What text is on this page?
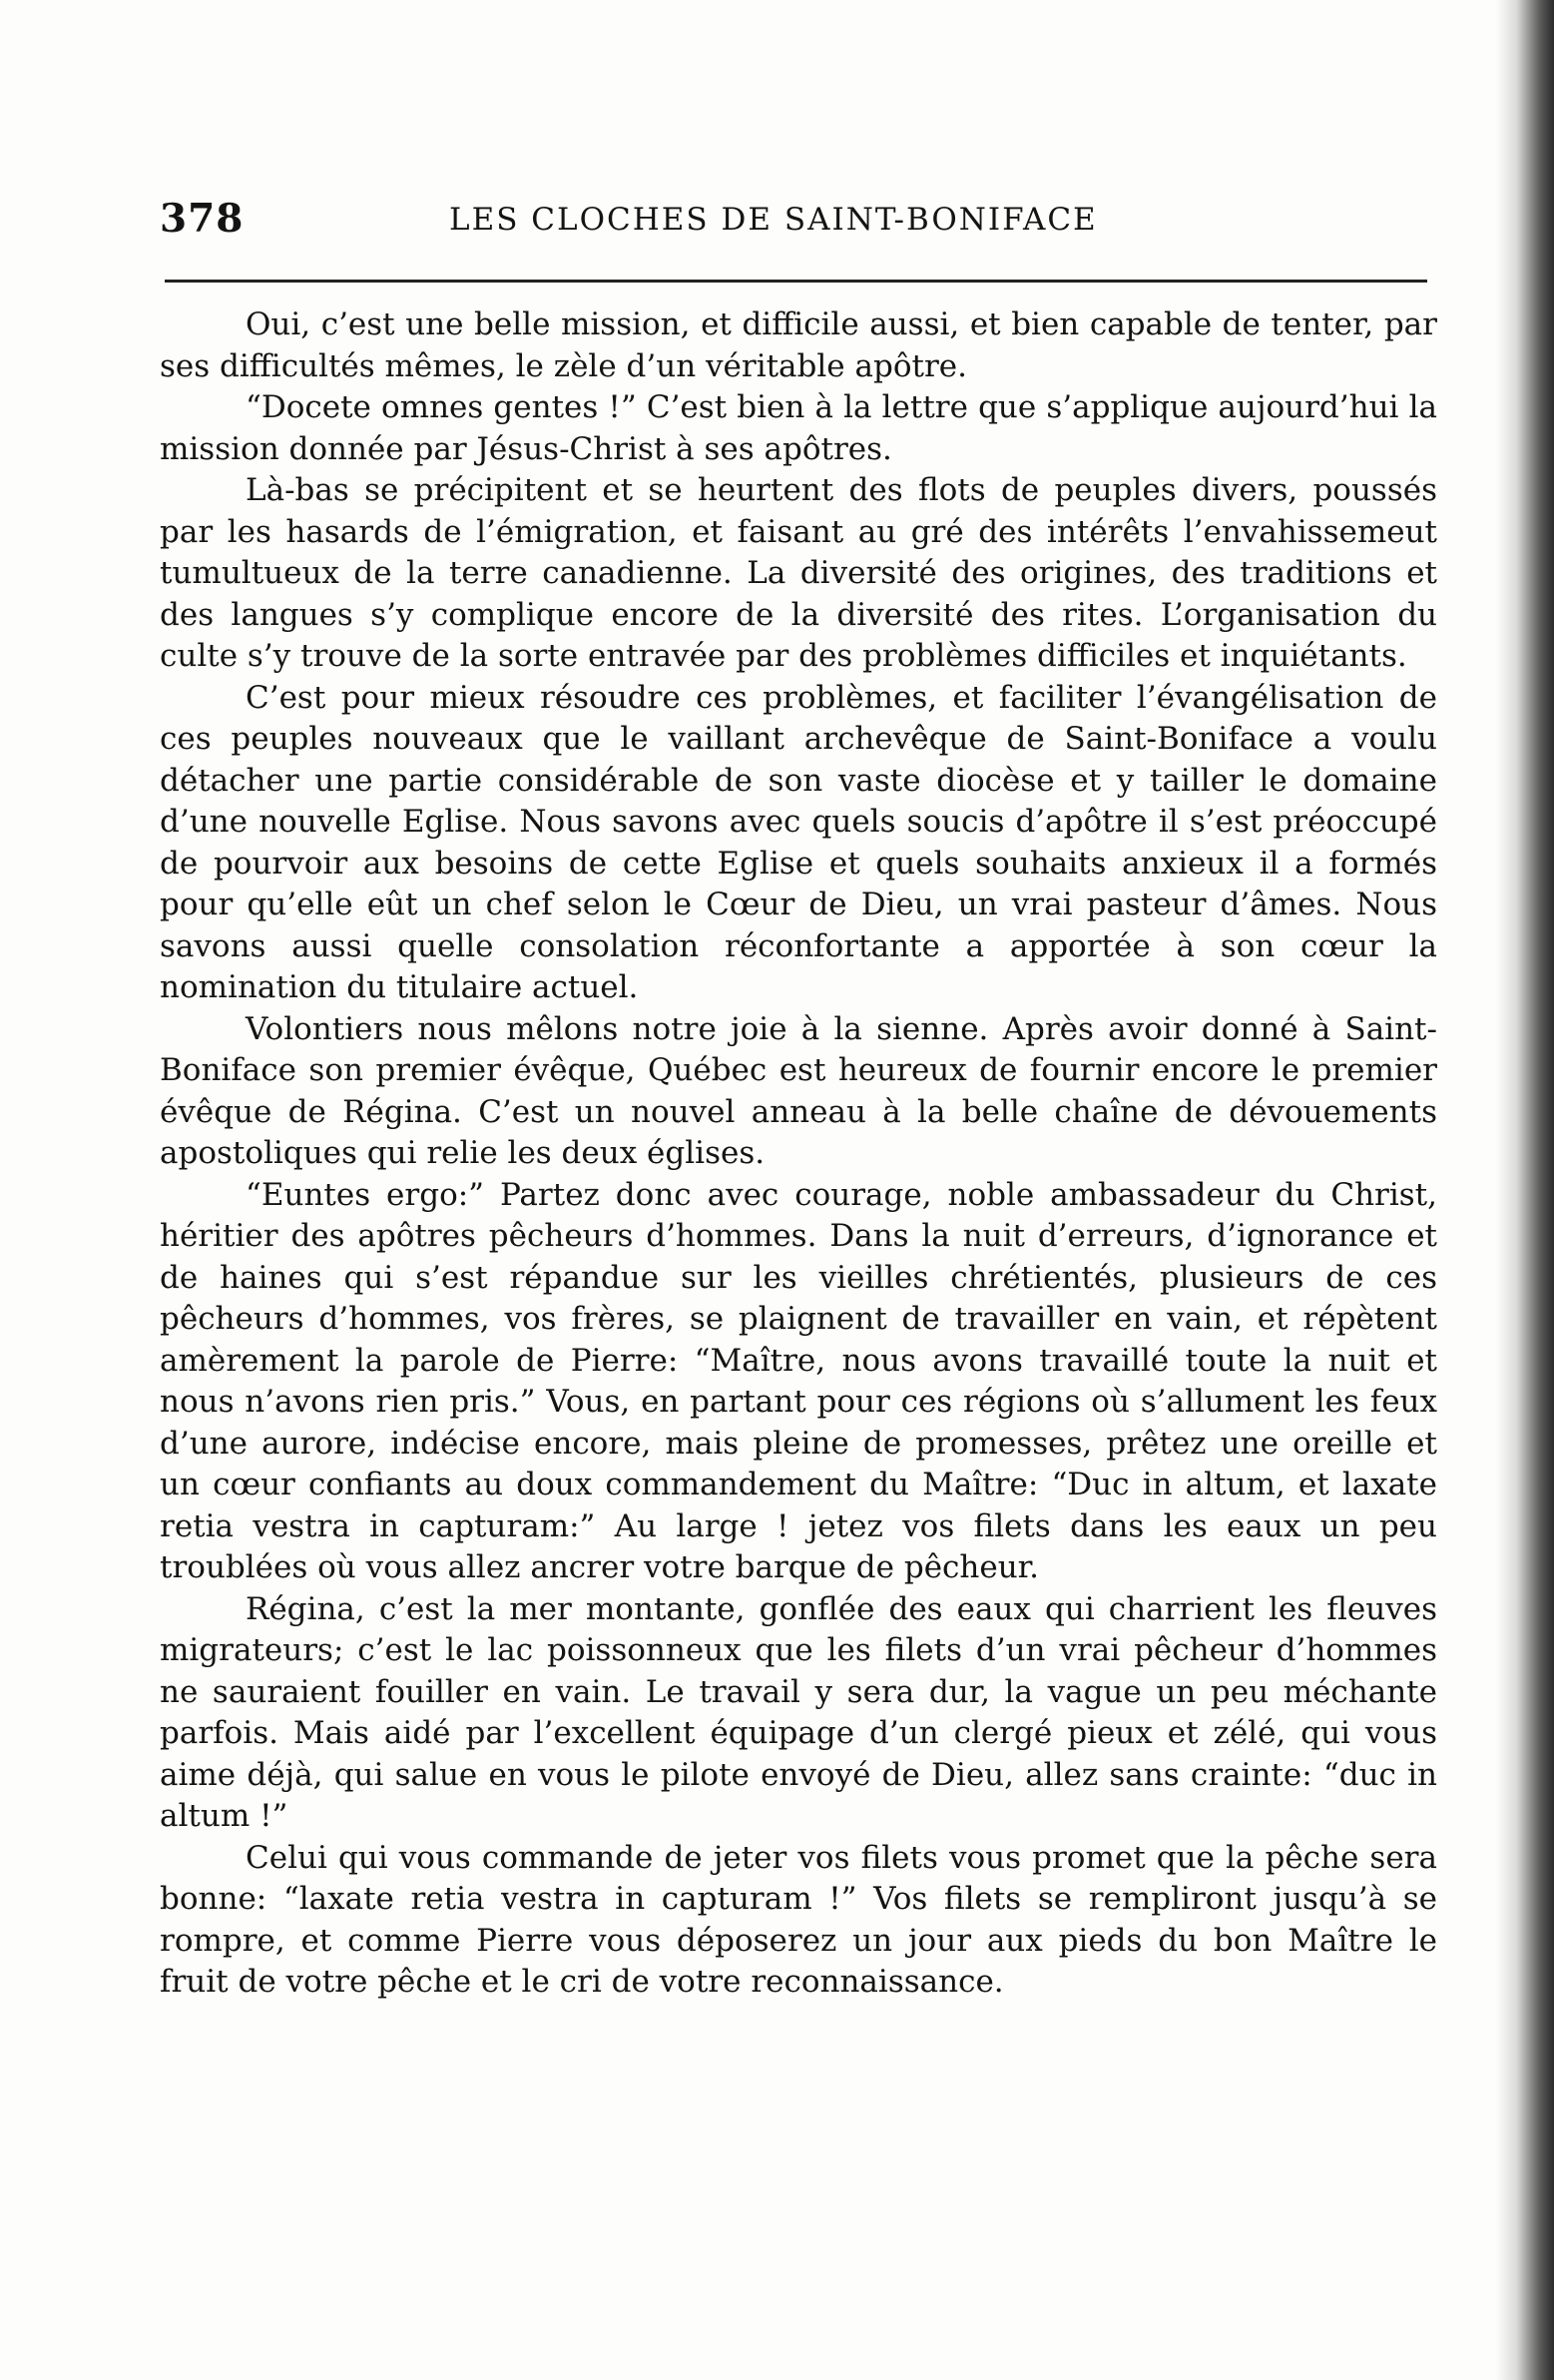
378	LES CLOCHES DE SAINT-BONIFACE

Oui, c’est une belle mission, et difficile aussi, et bien capable de tenter, par ses difficultés mêmes, le zèle d’un véritable apôtre.

“Docete omnes gentes !” C’est bien à la lettre que s’applique aujourd’hui la mission donnée par Jésus-Christ à ses apôtres.

Là-bas se précipitent et se heurtent des flots de peuples divers, poussés par les hasards de l’émigration, et faisant au gré des intérêts l’envahissemeut tumultueux de la terre canadienne. La diversité des origines, des traditions et des langues s’y complique encore de la diversité des rites. L’organisation du culte s’y trouve de la sorte entravée par des problèmes difficiles et inquiétants.

C’est pour mieux résoudre ces problèmes, et faciliter l’évangélisation de ces peuples nouveaux que le vaillant archevêque de Saint-Boniface a voulu détacher une partie considérable de son vaste diocèse et y tailler le domaine d’une nouvelle Eglise. Nous savons avec quels soucis d’apôtre il s’est préoccupé de pourvoir aux besoins de cette Eglise et quels souhaits anxieux il a formés pour qu’elle eût un chef selon le Cœur de Dieu, un vrai pasteur d’âmes. Nous savons aussi quelle consolation réconfortante a apportée à son cœur la nomination du titulaire actuel.

Volontiers nous mêlons notre joie à la sienne. Après avoir donné à Saint-Boniface son premier évêque, Québec est heureux de fournir encore le premier évêque de Régina. C’est un nouvel anneau à la belle chaîne de dévouements apostoliques qui relie les deux églises.

“Euntes ergo:” Partez donc avec courage, noble ambassadeur du Christ, héritier des apôtres pêcheurs d’hommes. Dans la nuit d’erreurs, d’ignorance et de haines qui s’est répandue sur les vieilles chrétientés, plusieurs de ces pêcheurs d’hommes, vos frères, se plaignent de travailler en vain, et répètent amèrement la parole de Pierre: “Maître, nous avons travaillé toute la nuit et nous n’avons rien pris.” Vous, en partant pour ces régions où s’allument les feux d’une aurore, indécise encore, mais pleine de promesses, prêtez une oreille et un cœur confiants au doux commandement du Maître: “Duc in altum, et laxate retia vestra in capturam:” Au large ! jetez vos filets dans les eaux un peu troublées où vous allez ancrer votre barque de pêcheur.

Régina, c’est la mer montante, gonflée des eaux qui charrient les fleuves migrateurs; c’est le lac poissonneux que les filets d’un vrai pêcheur d’hommes ne sauraient fouiller en vain. Le travail y sera dur, la vague un peu méchante parfois. Mais aidé par l’excellent équipage d’un clergé pieux et zélé, qui vous aime déjà, qui salue en vous le pilote envoyé de Dieu, allez sans crainte: “duc in altum !”

Celui qui vous commande de jeter vos filets vous promet que la pêche sera bonne: “laxate retia vestra in capturam !” Vos filets se rempliront jusqu’à se rompre, et comme Pierre vous déposerez un jour aux pieds du bon Maître le fruit de votre pêche et le cri de votre reconnaissance.
